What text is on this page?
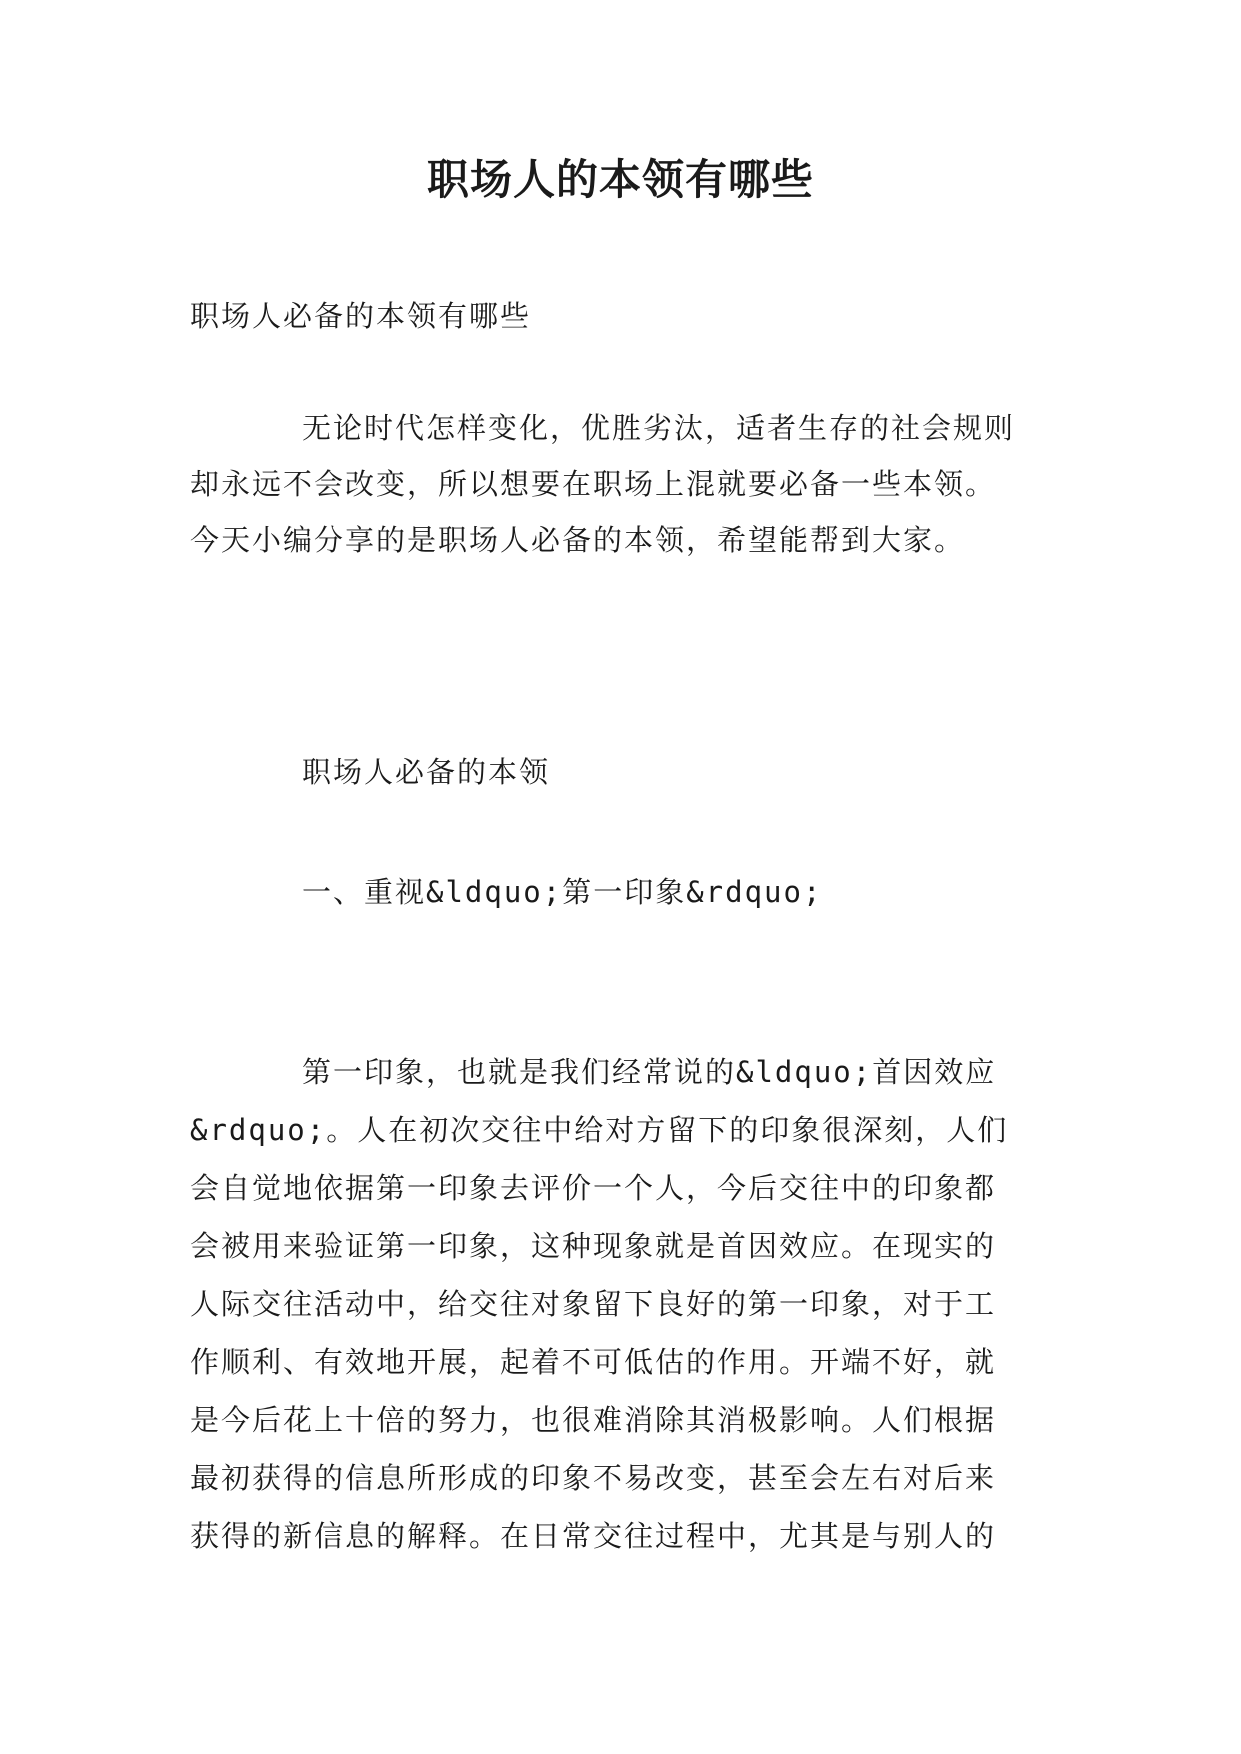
职场人的本领有哪些
职场人必备的本领有哪些
无论时代怎样变化，优胜劣汰，适者生存的社会规则
却永远不会改变，所以想要在职场上混就要必备一些本领。
今天小编分享的是职场人必备的本领，希望能帮到大家。
职场人必备的本领
一、重视&ldquo;第一印象&rdquo;
第一印象，也就是我们经常说的&ldquo;首因效应
&rdquo;。人在初次交往中给对方留下的印象很深刻，人们
会自觉地依据第一印象去评价一个人，今后交往中的印象都
会被用来验证第一印象，这种现象就是首因效应。在现实的
人际交往活动中，给交往对象留下良好的第一印象，对于工
作顺利、有效地开展，起着不可低估的作用。开端不好，就
是今后花上十倍的努力，也很难消除其消极影响。人们根据
最初获得的信息所形成的印象不易改变，甚至会左右对后来
获得的新信息的解释。在日常交往过程中，尤其是与别人的
